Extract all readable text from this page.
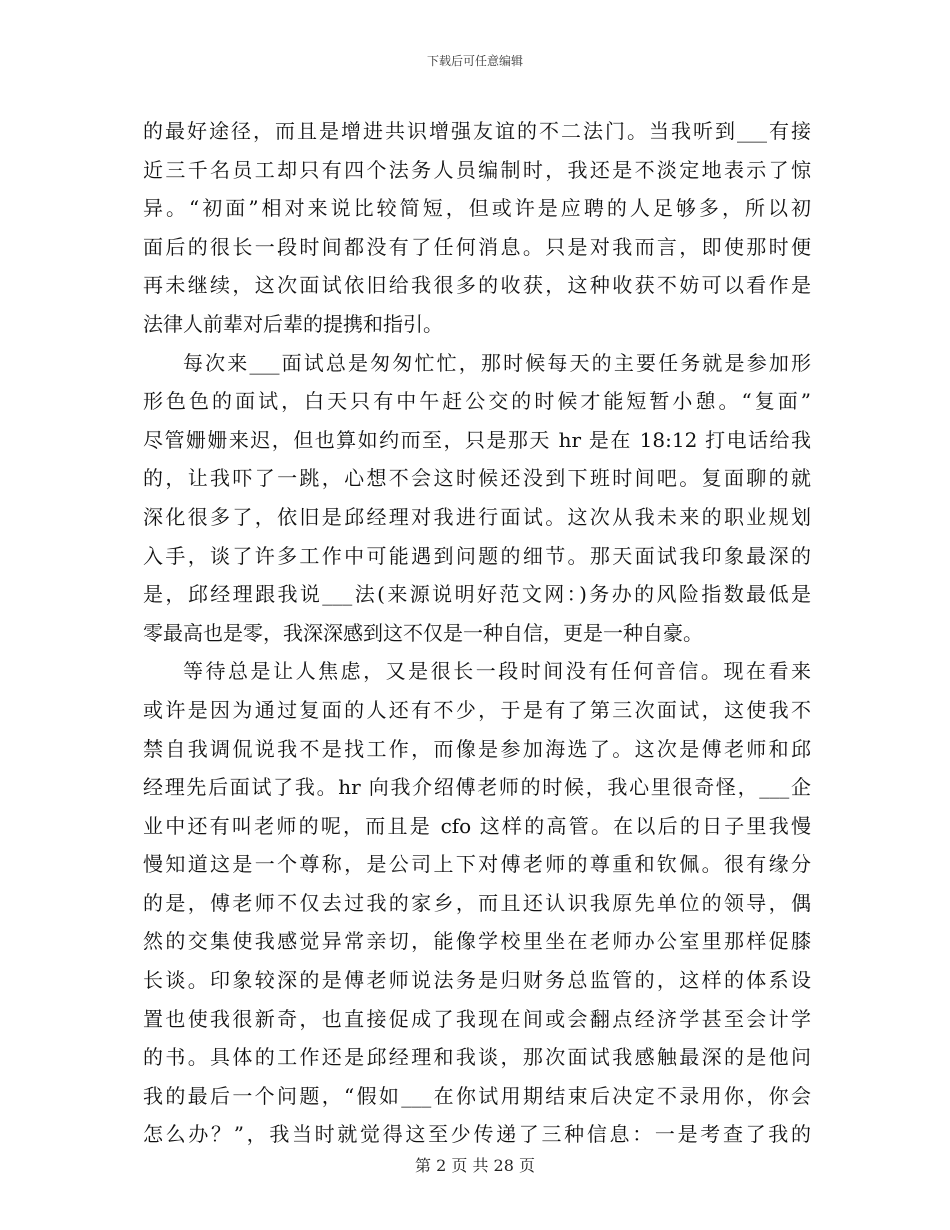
下载后可任意编辑
的最好途径，而且是增进共识增强友谊的不二法门。当我听到___有接
近三千名员工却只有四个法务人员编制时，我还是不淡定地表示了惊
异。“初面”相对来说比较简短，但或许是应聘的人足够多，所以初
面后的很长一段时间都没有了任何消息。只是对我而言，即使那时便
再未继续，这次面试依旧给我很多的收获，这种收获不妨可以看作是
法律人前辈对后辈的提携和指引。
每次来___面试总是匆匆忙忙，那时候每天的主要任务就是参加形
形色色的面试，白天只有中午赶公交的时候才能短暂小憩。“复面”
尽管姗姗来迟，但也算如约而至，只是那天 hr 是在 18:12 打电话给我
的，让我吓了一跳，心想不会这时候还没到下班时间吧。复面聊的就
深化很多了，依旧是邱经理对我进行面试。这次从我未来的职业规划
入手，谈了许多工作中可能遇到问题的细节。那天面试我印象最深的
是，邱经理跟我说___法(来源说明好范文网：)务办的风险指数最低是
零最高也是零，我深深感到这不仅是一种自信，更是一种自豪。
等待总是让人焦虑，又是很长一段时间没有任何音信。现在看来
或许是因为通过复面的人还有不少，于是有了第三次面试，这使我不
禁自我调侃说我不是找工作，而像是参加海选了。这次是傅老师和邱
经理先后面试了我。hr 向我介绍傅老师的时候，我心里很奇怪，___企
业中还有叫老师的呢，而且是 cfo 这样的高管。在以后的日子里我慢
慢知道这是一个尊称，是公司上下对傅老师的尊重和钦佩。很有缘分
的是，傅老师不仅去过我的家乡，而且还认识我原先单位的领导，偶
然的交集使我感觉异常亲切，能像学校里坐在老师办公室里那样促膝
长谈。印象较深的是傅老师说法务是归财务总监管的，这样的体系设
置也使我很新奇，也直接促成了我现在间或会翻点经济学甚至会计学
的书。具体的工作还是邱经理和我谈，那次面试我感触最深的是他问
我的最后一个问题，“假如___在你试用期结束后决定不录用你，你会
怎么办？”，我当时就觉得这至少传递了三种信息：一是考查了我的
第 2 页 共 28 页
